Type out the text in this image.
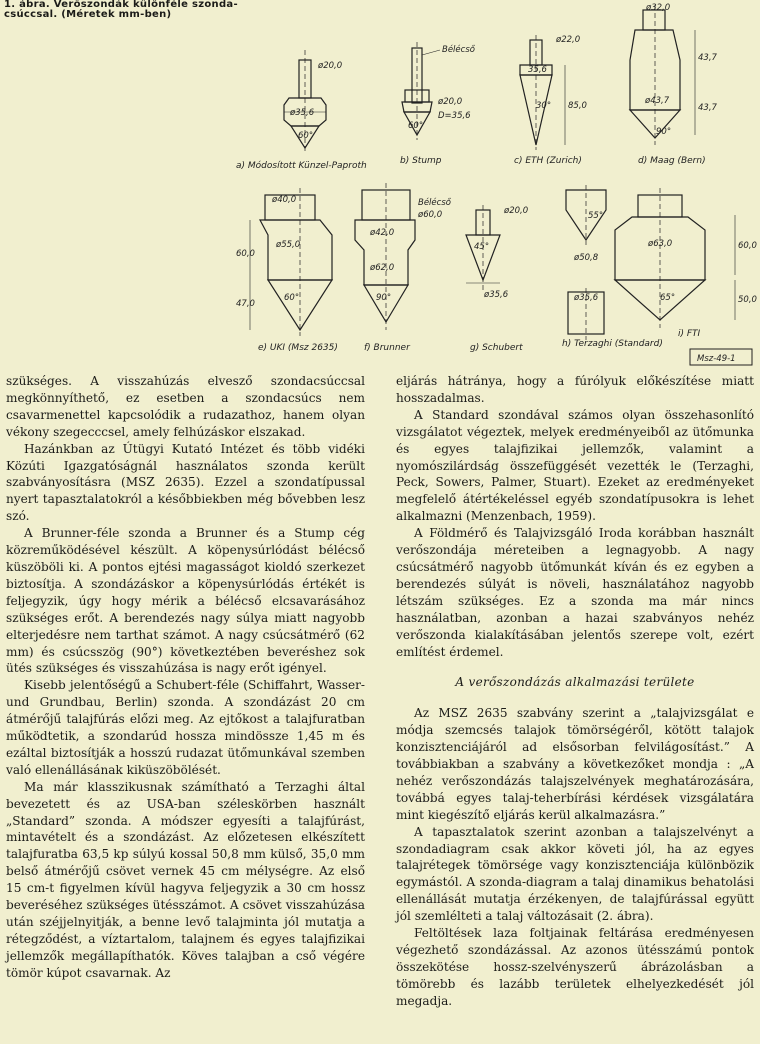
1. ábra. Verőszondák különféle szonda-
csúccsal. (Méretek mm-ben)
a) Módosított Künzel-Paproth	b) Stump	c) ETH (Zurich)	d) Maag (Bern)
e) UKI (Msz 2635)	f) Brunner	g) Schubert	h) Terzaghi (Standard)
i) FTI
ø20,0
ø35,6
60°
Bélécső
ø20,0
D=35,6
60°
ø22,0
35,6
30° 85,0
ø32,0
ø43,7
90°
43,7
43,7
ø40,0
ø55,0
60°
60,0
47,0
Bélécső
ø60,0
ø42,0
ø62,0
90°
ø20,0
ø35,6
45°
ø50,8
ø35,6
55°
ø63,0
65°
60,0
50,0
Msz-49-1

szükséges. A visszahúzás elvesző szondacsúccsal megkönnyíthető, ez esetben a szondacsúcs nem csavarmenettel kapcsolódik a rudazathoz, hanem olyan vékony szegecccsel, amely felhúzáskor elszakad.

Hazánkban az Útügyi Kutató Intézet és több vidéki Közúti Igazgatóságnál használatos szonda került szabványosításra (MSZ 2635). Ezzel a szondatípussal nyert tapasztalatokról a későbbiekben még bővebben lesz szó.

A Brunner-féle szonda a Brunner és a Stump cég közreműködésével készült. A köpenysúrlódást bélécső küszöböli ki. A pontos ejtési magasságot kioldó szerkezet biztosítja. A szondázáskor a köpenysúrlódás értékét is feljegyzik, úgy hogy mérik a bélécső elcsavarásához szükséges erőt. A berendezés nagy súlya miatt nagyobb elterjedésre nem tarthat számot. A nagy csúcsátmérő (62 mm) és csúcsszög (90°) következtében beveréshez sok ütés szükséges és visszahúzása is nagy erőt igényel.

Kisebb jelentőségű a Schubert-féle (Schiffahrt, Wasser- und Grundbau, Berlin) szonda. A szondázást 20 cm átmérőjű talajfúrás előzi meg. Az ejtőkost a talajfuratban működtetik, a szondarúd hossza mindössze 1,45 m és ezáltal biztosítják a hosszú rudazat ütőmunkával szemben való ellenállásának kiküszöbölését.

Ma már klasszikusnak számítható a Terzaghi által bevezetett és az USA-ban széleskörben használt „Standard” szonda. A módszer egyesíti a talajfúrást, mintavételt és a szondázást. Az előzetesen elkészített talajfuratba 63,5 kp súlyú kossal 50,8 mm külső, 35,0 mm belső átmérőjű csövet vernek 45 cm mélységre. Az első 15 cm-t figyelmen kívül hagyva feljegyzik a 30 cm hossz beveréséhez szükséges ütésszámot. A csövet visszahúzása után széjjelnyitják, a benne levő talajminta jól mutatja a rétegződést, a víztartalom, talajnem és egyes talajfizikai jellemzők megállapíthatók. Köves talajban a cső végére tömör kúpot csavarnak. Az

eljárás hátránya, hogy a fúrólyuk előkészítése miatt hosszadalmas.

A Standard szondával számos olyan összehasonlító vizsgálatot végeztek, melyek eredményeiből az ütőmunka és egyes talajfizikai jellemzők, valamint a nyomószilárdság összefüggését vezették le (Terzaghi, Peck, Sowers, Palmer, Stuart). Ezeket az eredményeket megfelelő átértékeléssel egyéb szondatípusokra is lehet alkalmazni (Menzenbach, 1959).

A Földmérő és Talajvizsgáló Iroda korábban használt verőszondája méreteiben a legnagyobb. A nagy csúcsátmérő nagyobb ütőmunkát kíván és ez egyben a berendezés súlyát is növeli, használatához nagyobb létszám szükséges. Ez a szonda ma már nincs használatban, azonban a hazai szabványos nehéz verőszonda kialakításában jelentős szerepe volt, ezért említést érdemel.

A verőszondázás alkalmazási területe

Az MSZ 2635 szabvány szerint a „talajvizsgálat e módja szemcsés talajok tömörségéről, kötött talajok konzisztenciájáról ad elsősorban felvilágosítást.” A továbbiakban a szabvány a következőket mondja : „A nehéz verőszondázás talajszelvények meghatározására, továbbá egyes talaj-teherbírási kérdések vizsgálatára mint kiegészítő eljárás kerül alkalmazásra.”

A tapasztalatok szerint azonban a talajszelvényt a szondadiagram csak akkor követi jól, ha az egyes talajrétegek tömörsége vagy konzisztenciája különbözik egymástól. A szonda-diagram a talaj dinamikus behatolási ellenállását mutatja érzékenyen, de talajfúrással együtt jól szemlélteti a talaj változásait (2. ábra).

Feltöltések laza foltjainak feltárása eredményesen végezhető szondázással. Az azonos ütésszámú pontok összekötése hossz-szelvényszerű ábrázolásban a tömörebb és lazább területek elhelyezkedését jól megadja.
